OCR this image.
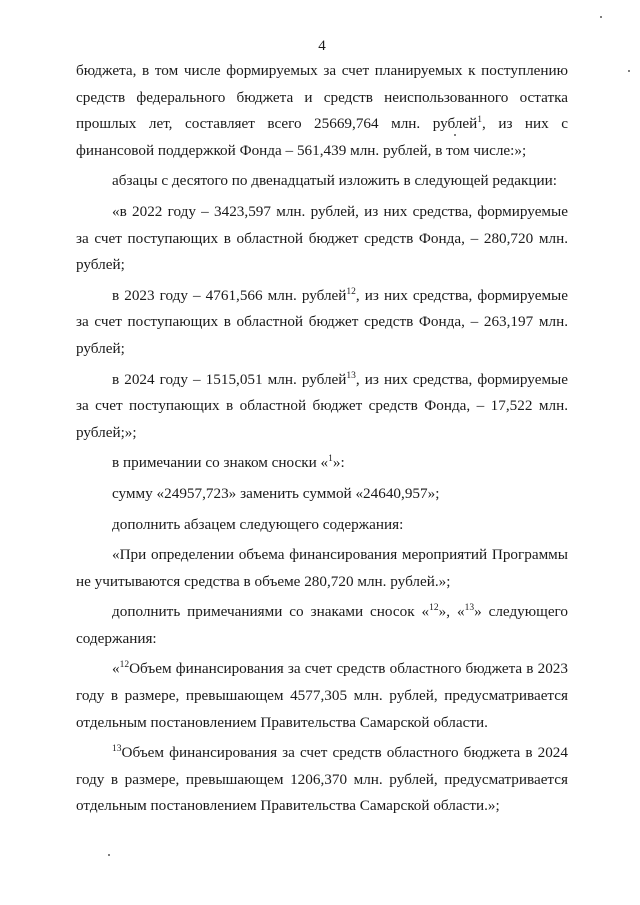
4

бюджета, в том числе формируемых за счет планируемых к поступлению средств федерального бюджета и средств неиспользованного остатка прошлых лет, составляет всего 25669,764 млн. рублей$^1$, из них с финансовой поддержкой Фонда – 561,439 млн. рублей, в том числе:»;

абзацы с десятого по двенадцатый изложить в следующей редакции:

«в 2022 году – 3423,597 млн. рублей, из них средства, формируемые за счет поступающих в областной бюджет средств Фонда, – 280,720 млн. рублей;

в 2023 году – 4761,566 млн. рублей$^{12}$, из них средства, формируемые за счет поступающих в областной бюджет средств Фонда, – 263,197 млн. рублей;

в 2024 году – 1515,051 млн. рублей$^{13}$, из них средства, формируемые за счет поступающих в областной бюджет средств Фонда, – 17,522 млн. рублей;»;

в примечании со знаком сноски «$^1$»:

сумму «24957,723» заменить суммой «24640,957»;

дополнить абзацем следующего содержания:

«При определении объема финансирования мероприятий Программы не учитываются средства в объеме 280,720 млн. рублей.»;

дополнить примечаниями со знаками сносок «$^{12}$», «$^{13}$» следующего содержания:

«$^{12}$Объем финансирования за счет средств областного бюджета в 2023 году в размере, превышающем 4577,305 млн. рублей, предусматривается отдельным постановлением Правительства Самарской области.

$^{13}$Объем финансирования за счет средств областного бюджета в 2024 году в размере, превышающем 1206,370 млн. рублей, предусматривается отдельным постановлением Правительства Самарской области.»;
